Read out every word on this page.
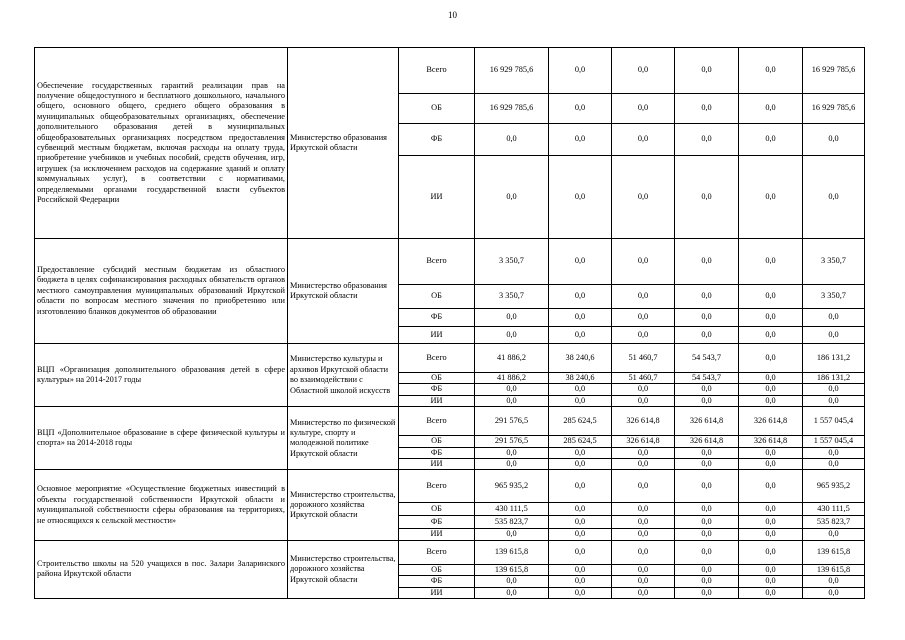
10
Обеспечение государственных гарантий реализации прав на получение общедоступного и бесплатного дошкольного, начального общего, основного общего, среднего общего образования в муниципальных общеобразовательных организациях, обеспечение дополнительного образования детей в муниципальных общеобразовательных организациях посредством предоставления субвенций местным бюджетам, включая расходы на оплату труда, приобретение учебников и учебных пособий, средств обучения, игр, игрушек (за исключением расходов на содержание зданий и оплату коммунальных услуг), в соответствии с нормативами, определяемыми органами государственной власти субъектов Российской Федерации	Министерство образования Иркутской области	Всего	16 929 785,6	0,0	0,0	0,0	0,0	16 929 785,6
		ОБ	16 929 785,6	0,0	0,0	0,0	0,0	16 929 785,6
		ФБ	0,0	0,0	0,0	0,0	0,0	0,0
		ИИ	0,0	0,0	0,0	0,0	0,0	0,0
Предоставление субсидий местным бюджетам из областного бюджета в целях софинансирования расходных обязательств органов местного самоуправления муниципальных образований Иркутской области по вопросам местного значения по приобретению или изготовлению бланков документов об образовании	Министерство образования Иркутской области	Всего	3 350,7	0,0	0,0	0,0	0,0	3 350,7
		ОБ	3 350,7	0,0	0,0	0,0	0,0	3 350,7
		ФБ	0,0	0,0	0,0	0,0	0,0	0,0
		ИИ	0,0	0,0	0,0	0,0	0,0	0,0
ВЦП «Организация дополнительного образования детей в сфере культуры» на 2014-2017 годы	Министерство культуры и архивов Иркутской области во взаимодействии с Областной школой искусств	Всего	41 886,2	38 240,6	51 460,7	54 543,7	0,0	186 131,2
		ОБ	41 886,2	38 240,6	51 460,7	54 543,7	0,0	186 131,2
		ФБ	0,0	0,0	0,0	0,0	0,0	0,0
		ИИ	0,0	0,0	0,0	0,0	0,0	0,0
ВЦП «Дополнительное образование в сфере физической культуры и спорта» на 2014-2018 годы	Министерство по физической культуре, спорту и молодежной политике Иркутской области	Всего	291 576,5	285 624,5	326 614,8	326 614,8	326 614,8	1 557 045,4
		ОБ	291 576,5	285 624,5	326 614,8	326 614,8	326 614,8	1 557 045,4
		ФБ	0,0	0,0	0,0	0,0	0,0	0,0
		ИИ	0,0	0,0	0,0	0,0	0,0	0,0
Основное мероприятие «Осуществление бюджетных инвестиций в объекты государственной собственности Иркутской области и муниципальной собственности сферы образования на территориях, не относящихся к сельской местности»	Министерство строительства, дорожного хозяйства Иркутской области	Всего	965 935,2	0,0	0,0	0,0	0,0	965 935,2
		ОБ	430 111,5	0,0	0,0	0,0	0,0	430 111,5
		ФБ	535 823,7	0,0	0,0	0,0	0,0	535 823,7
		ИИ	0,0	0,0	0,0	0,0	0,0	0,0
Строительство школы на 520 учащихся в пос. Залари Заларинского района Иркутской области	Министерство строительства, дорожного хозяйства Иркутской области	Всего	139 615,8	0,0	0,0	0,0	0,0	139 615,8
		ОБ	139 615,8	0,0	0,0	0,0	0,0	139 615,8
		ФБ	0,0	0,0	0,0	0,0	0,0	0,0
		ИИ	0,0	0,0	0,0	0,0	0,0	0,0
